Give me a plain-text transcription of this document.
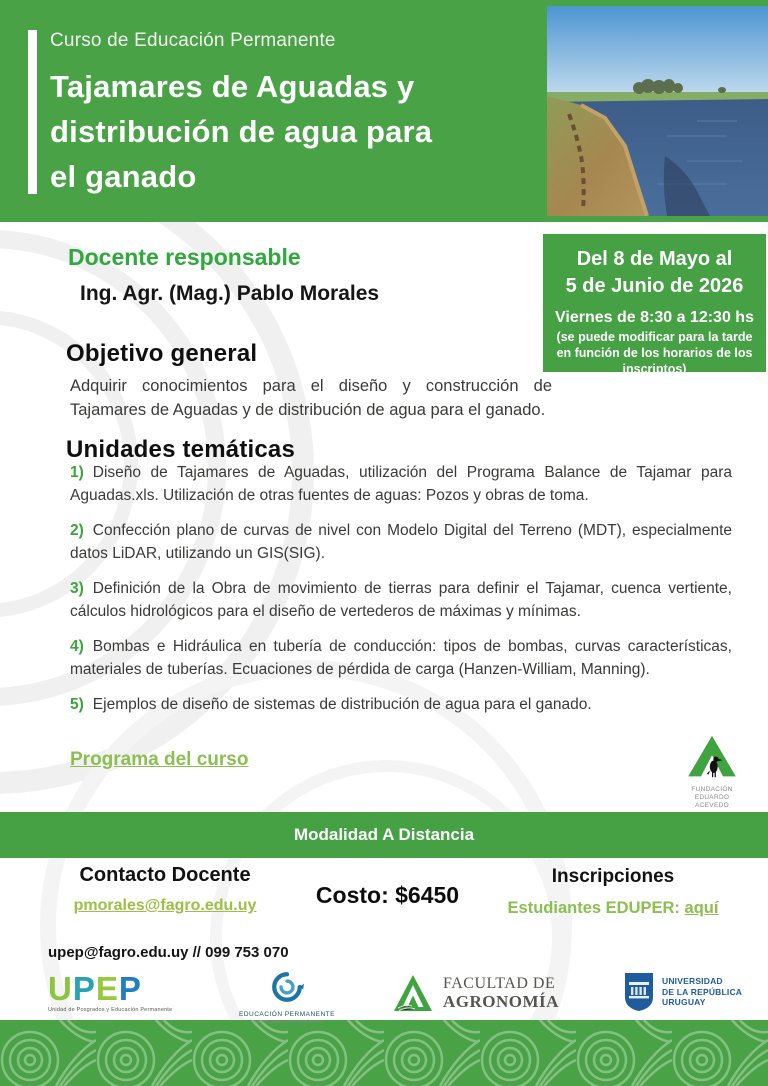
Curso de Educación Permanente
Tajamares de Aguadas y
distribución de agua para
el ganado
Del 8 de Mayo al
5 de Junio de 2026
Viernes de 8:30 a 12:30 hs
(se puede modificar para la tarde en función de los horarios de los inscriptos)
Docente responsable
Ing. Agr. (Mag.) Pablo Morales
Objetivo general
Adquirir conocimientos para el diseño y construcción de Tajamares de Aguadas y de distribución de agua para el ganado.
Unidades temáticas

1) Diseño de Tajamares de Aguadas, utilización del Programa Balance de Tajamar para Aguadas.xls. Utilización de otras fuentes de aguas: Pozos y obras de toma.

2) Confección plano de curvas de nivel con Modelo Digital del Terreno (MDT), especialmente datos LiDAR, utilizando un GIS(SIG).

3) Definición de la Obra de movimiento de tierras para definir el Tajamar, cuenca vertiente, cálculos hidrológicos para el diseño de vertederos de máximas y mínimas.

4) Bombas e Hidráulica en tubería de conducción: tipos de bombas, curvas características, materiales de tuberías. Ecuaciones de pérdida de carga (Hanzen-William, Manning).

5) Ejemplos de diseño de sistemas de distribución de agua para el ganado.

Programa del curso
FUNDACIÓN
EDUARDO ACEVEDO
Modalidad A Distancia
Contacto Docente
pmorales@fagro.edu.uy	Costo: $6450
Inscripciones
Estudiantes EDUPER: aquí
upep@fagro.edu.uy // 099 753 070
UPEP
Unidad de Posgrados y Educación Permanente
EDUCACIÓN PERMANENTE
UNIVERSIDAD DE LA REPÚBLICA
FACULTAD DE
AGRONOMÍA
UNIVERSIDAD
DE LA REPÚBLICA
URUGUAY
